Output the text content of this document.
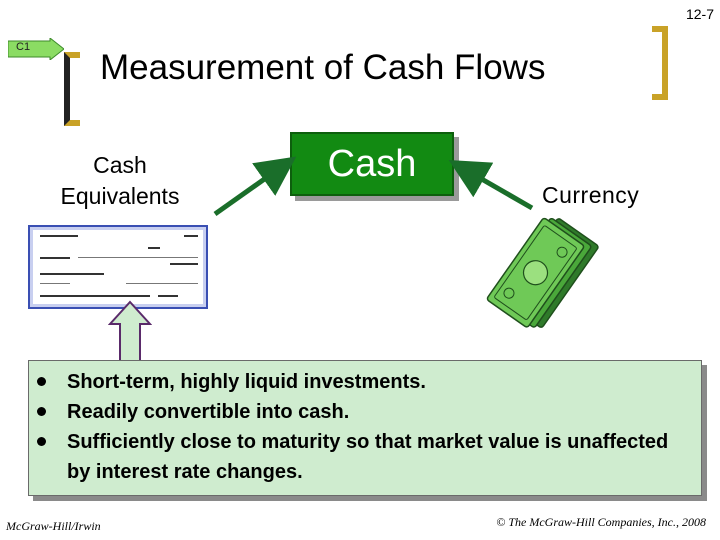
12-7
C1
Measurement of Cash Flows
Cash Equivalents
Cash
Currency
Short-term, highly liquid investments.
Readily convertible into cash.
Sufficiently close to maturity so that market value is unaffected by interest rate changes.
McGraw-Hill/Irwin	© The McGraw-Hill Companies, Inc., 2008
